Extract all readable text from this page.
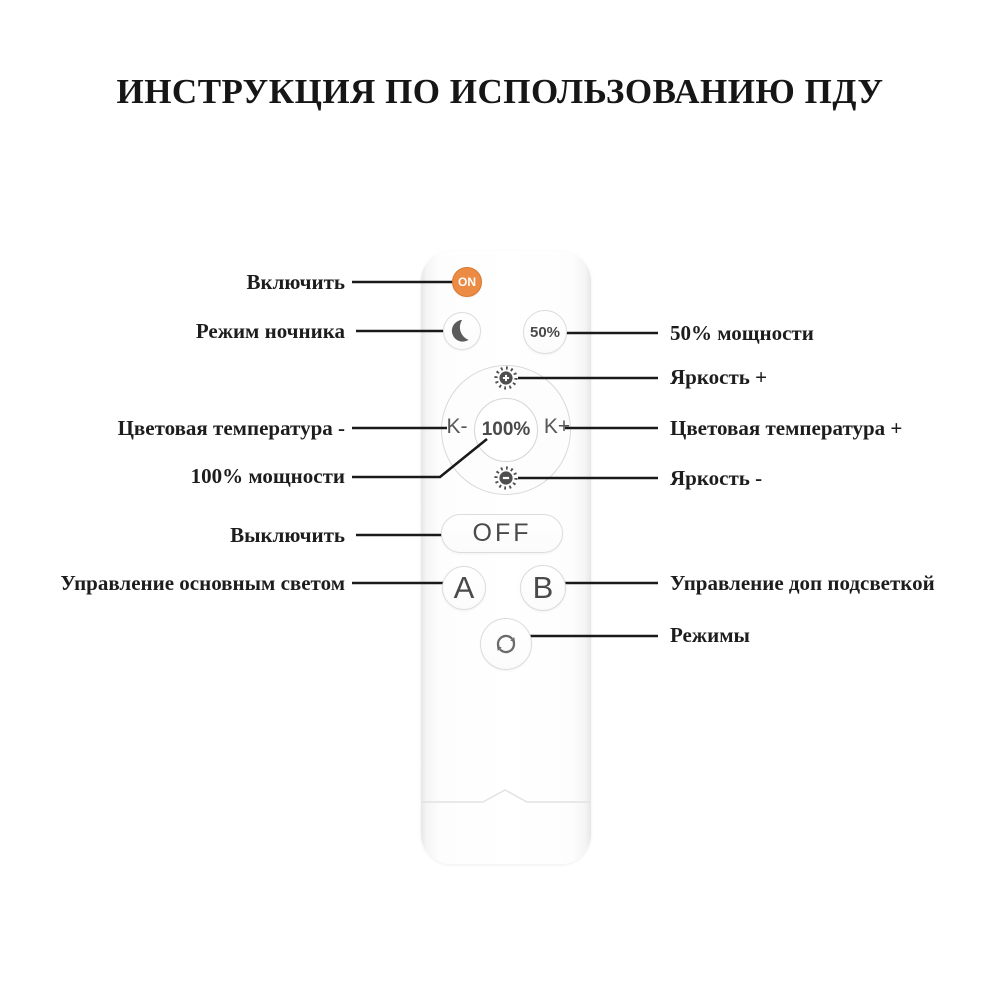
ИНСТРУКЦИЯ ПО ИСПОЛЬЗОВАНИЮ ПДУ
100%
ON
50%
K-	K+
OFF
A	B
Включить
Режим ночника
Цветовая температура -
100% мощности
Выключить
Управление основным светом
50% мощности
Яркость +
Цветовая температура +
Яркость -
Управление доп подсветкой
Режимы
